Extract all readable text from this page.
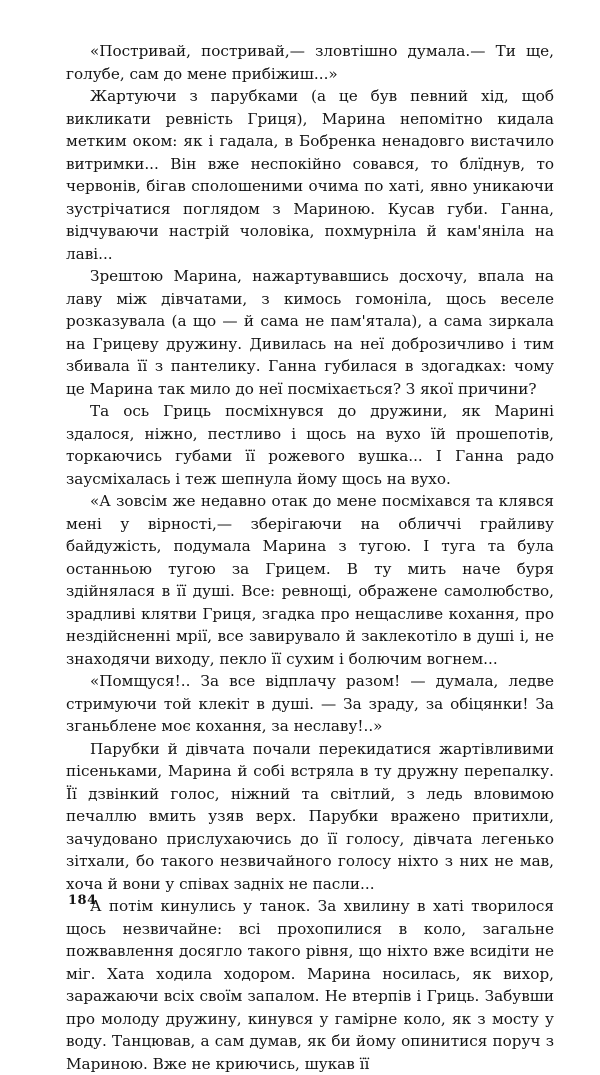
«Постривай, постривай,— зловтішно думала.— Ти ще, голубе, сам до мене прибіжиш...»

Жартуючи з парубками (а це був певний хід, щоб викликати ревність Гриця), Марина непомітно кидала метким оком: як і гадала, в Бобренка ненадовго вистачило витримки... Він вже неспокійно совався, то блїднув, то червонів, бігав сполошеними очима по хаті, явно уникаючи зустрічатися поглядом з Мариною. Кусав губи. Ганна, відчуваючи настрій чоловіка, похмурніла й кам'яніла на лаві...

Зрештою Марина, нажартувавшись досхочу, впала на лаву між дівчатами, з кимось гомоніла, щось веселе розказувала (а що — й сама не пам'ятала), а сама зиркала на Грицеву дружину. Дивилась на неї доброзичливо і тим збивала її з пантелику. Ганна губилася в здогадках: чому це Марина так мило до неї посміхається? З якої причини?

Та ось Гриць посміхнувся до дружини, як Марині здалося, ніжно, пестливо і щось на вухо їй прошепотів, торкаючись губами її рожевого вушка... І Ганна радо заусміхалась і теж шепнула йому щось на вухо.

«А зовсім же недавно отак до мене посміхався та клявся мені у вірності,— зберігаючи на обличчі грайливу байдужість, подумала Марина з тугою. І туга та була останньою тугою за Грицем. В ту мить наче буря здійнялася в її душі. Все: ревнощі, ображене самолюбство, зрадливі клятви Гриця, згадка про нещасливе кохання, про нездійсненні мрії, все завирувало й заклекотіло в душі і, не знаходячи виходу, пекло її сухим і болючим вогнем...

«Помщуся!.. За все відплачу разом! — думала, ледве стримуючи той клекіт в душі. — За зраду, за обіцянки! За зганьблене моє кохання, за неславу!..»

Парубки й дівчата почали перекидатися жартівливими пісеньками, Марина й собі встряла в ту дружну перепалку. Її дзвінкий голос, ніжний та світлий, з ледь вловимою печаллю вмить узяв верх. Парубки вражено притихли, зачудовано прислухаючись до її голосу, дівчата легенько зітхали, бо такого незвичайного голосу ніхто з них не мав, хоча й вони у співах задніх не пасли...

А потім кинулись у танок. За хвилину в хаті творилося щось незвичайне: всі прохопилися в коло, загальне пожвавлення досягло такого рівня, що ніхто вже всидіти не міг. Хата ходила ходором. Марина носилась, як вихор, заражаючи всіх своїм запалом. Не втерпів і Гриць. Забувши про молоду дружину, кинувся у гамірне коло, як з мосту у воду. Танцював, а сам думав, як би йому опинитися поруч з Мариною. Вже не криючись, шукав її

184
